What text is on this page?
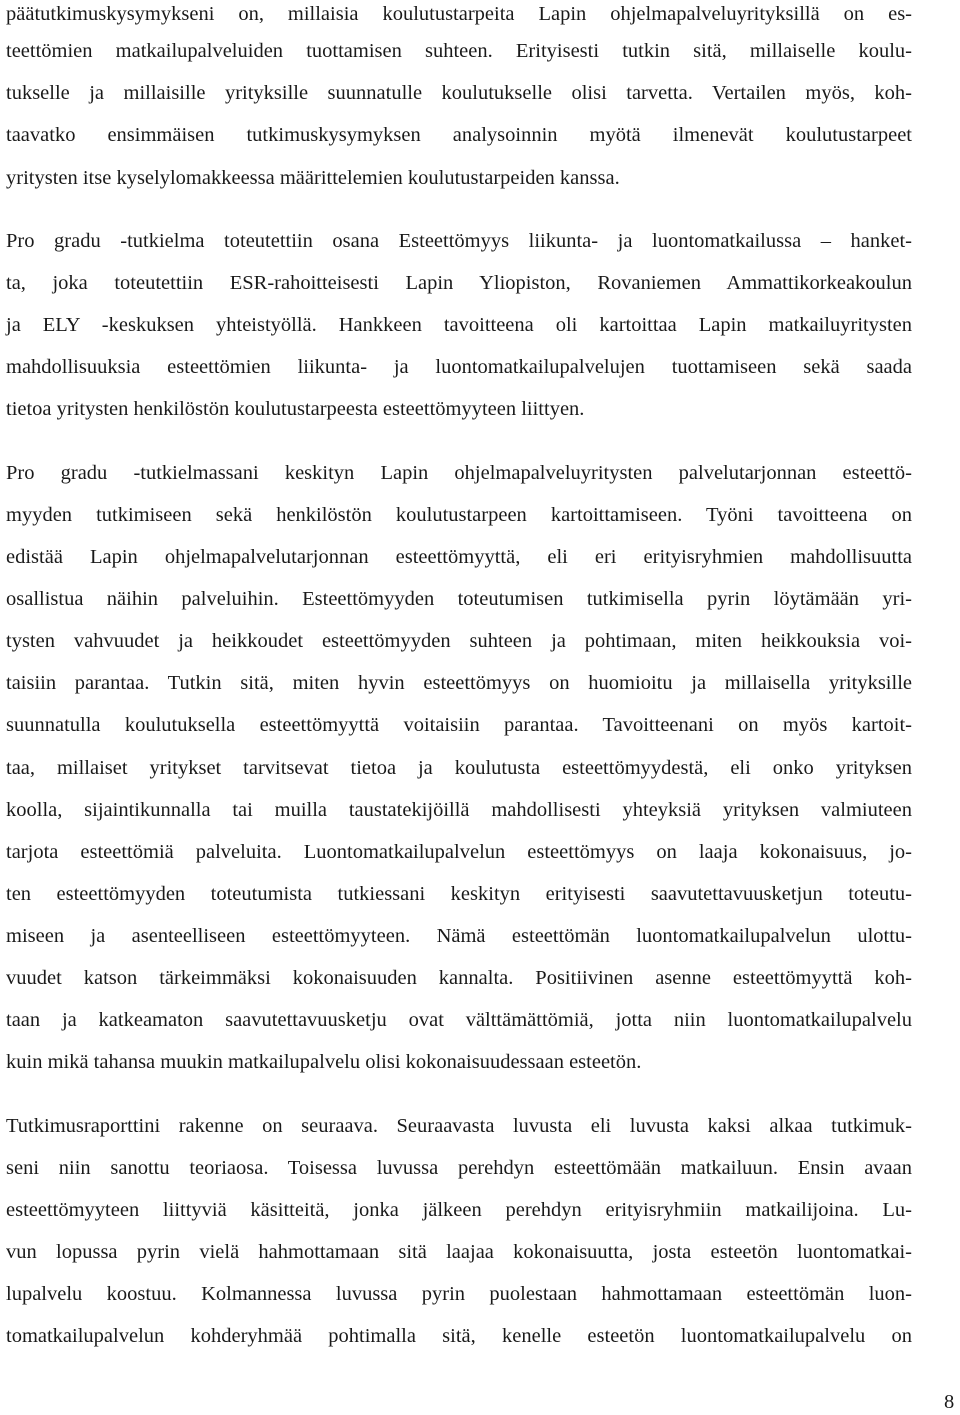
päätutkimuskysymykseni on, millaisia koulutustarpeita Lapin ohjelmapalveluyrityksillä on es-
teettömien matkailupalveluiden tuottamisen suhteen. Erityisesti tutkin sitä, millaiselle koulu-
tukselle ja millaisille yrityksille suunnatulle koulutukselle olisi tarvetta. Vertailen myös, koh-
taavatko ensimmäisen tutkimuskysymyksen analysoinnin myötä ilmenevät koulutustarpeet
yritysten itse kyselylomakkeessa määrittelemien koulutustarpeiden kanssa.
Pro gradu -tutkielma toteutettiin osana Esteettömyys liikunta- ja luontomatkailussa – hanket-
ta, joka toteutettiin ESR-rahoitteisesti Lapin Yliopiston, Rovaniemen Ammattikorkeakoulun
ja ELY -keskuksen yhteistyöllä. Hankkeen tavoitteena oli kartoittaa Lapin matkailuyritysten
mahdollisuuksia esteettömien liikunta- ja luontomatkailupalvelujen tuottamiseen sekä saada
tietoa yritysten henkilöstön koulutustarpeesta esteettömyyteen liittyen.
Pro gradu -tutkielmassani keskityn Lapin ohjelmapalveluyritysten palvelutarjonnan esteettö-
myyden tutkimiseen sekä henkilöstön koulutustarpeen kartoittamiseen. Työni tavoitteena on
edistää Lapin ohjelmapalvelutarjonnan esteettömyyttä, eli eri erityisryhmien mahdollisuutta
osallistua näihin palveluihin. Esteettömyyden toteutumisen tutkimisella pyrin löytämään yri-
tysten vahvuudet ja heikkoudet esteettömyyden suhteen ja pohtimaan, miten heikkouksia voi-
taisiin parantaa. Tutkin sitä, miten hyvin esteettömyys on huomioitu ja millaisella yrityksille
suunnatulla koulutuksella esteettömyyttä voitaisiin parantaa. Tavoitteenani on myös kartoit-
taa, millaiset yritykset tarvitsevat tietoa ja koulutusta esteettömyydestä, eli onko yrityksen
koolla, sijaintikunnalla tai muilla taustatekijöillä mahdollisesti yhteyksiä yrityksen valmiuteen
tarjota esteettömiä palveluita. Luontomatkailupalvelun esteettömyys on laaja kokonaisuus, jo-
ten esteettömyyden toteutumista tutkiessani keskityn erityisesti saavutettavuusketjun toteutu-
miseen ja asenteelliseen esteettömyyteen. Nämä esteettömän luontomatkailupalvelun ulottu-
vuudet katson tärkeimmäksi kokonaisuuden kannalta. Positiivinen asenne esteettömyyttä koh-
taan ja katkeamaton saavutettavuusketju ovat välttämättömiä, jotta niin luontomatkailupalvelu
kuin mikä tahansa muukin matkailupalvelu olisi kokonaisuudessaan esteetön.
Tutkimusraporttini rakenne on seuraava. Seuraavasta luvusta eli luvusta kaksi alkaa tutkimuk-
seni niin sanottu teoriaosa. Toisessa luvussa perehdyn esteettömään matkailuun. Ensin avaan
esteettömyyteen liittyviä käsitteitä, jonka jälkeen perehdyn erityisryhmiin matkailijoina. Lu-
vun lopussa pyrin vielä hahmottamaan sitä laajaa kokonaisuutta, josta esteetön luontomatkai-
lupalvelu koostuu. Kolmannessa luvussa pyrin puolestaan hahmottamaan esteettömän luon-
tomatkailupalvelun kohderyhmää pohtimalla sitä, kenelle esteetön luontomatkailupalvelu on
8
